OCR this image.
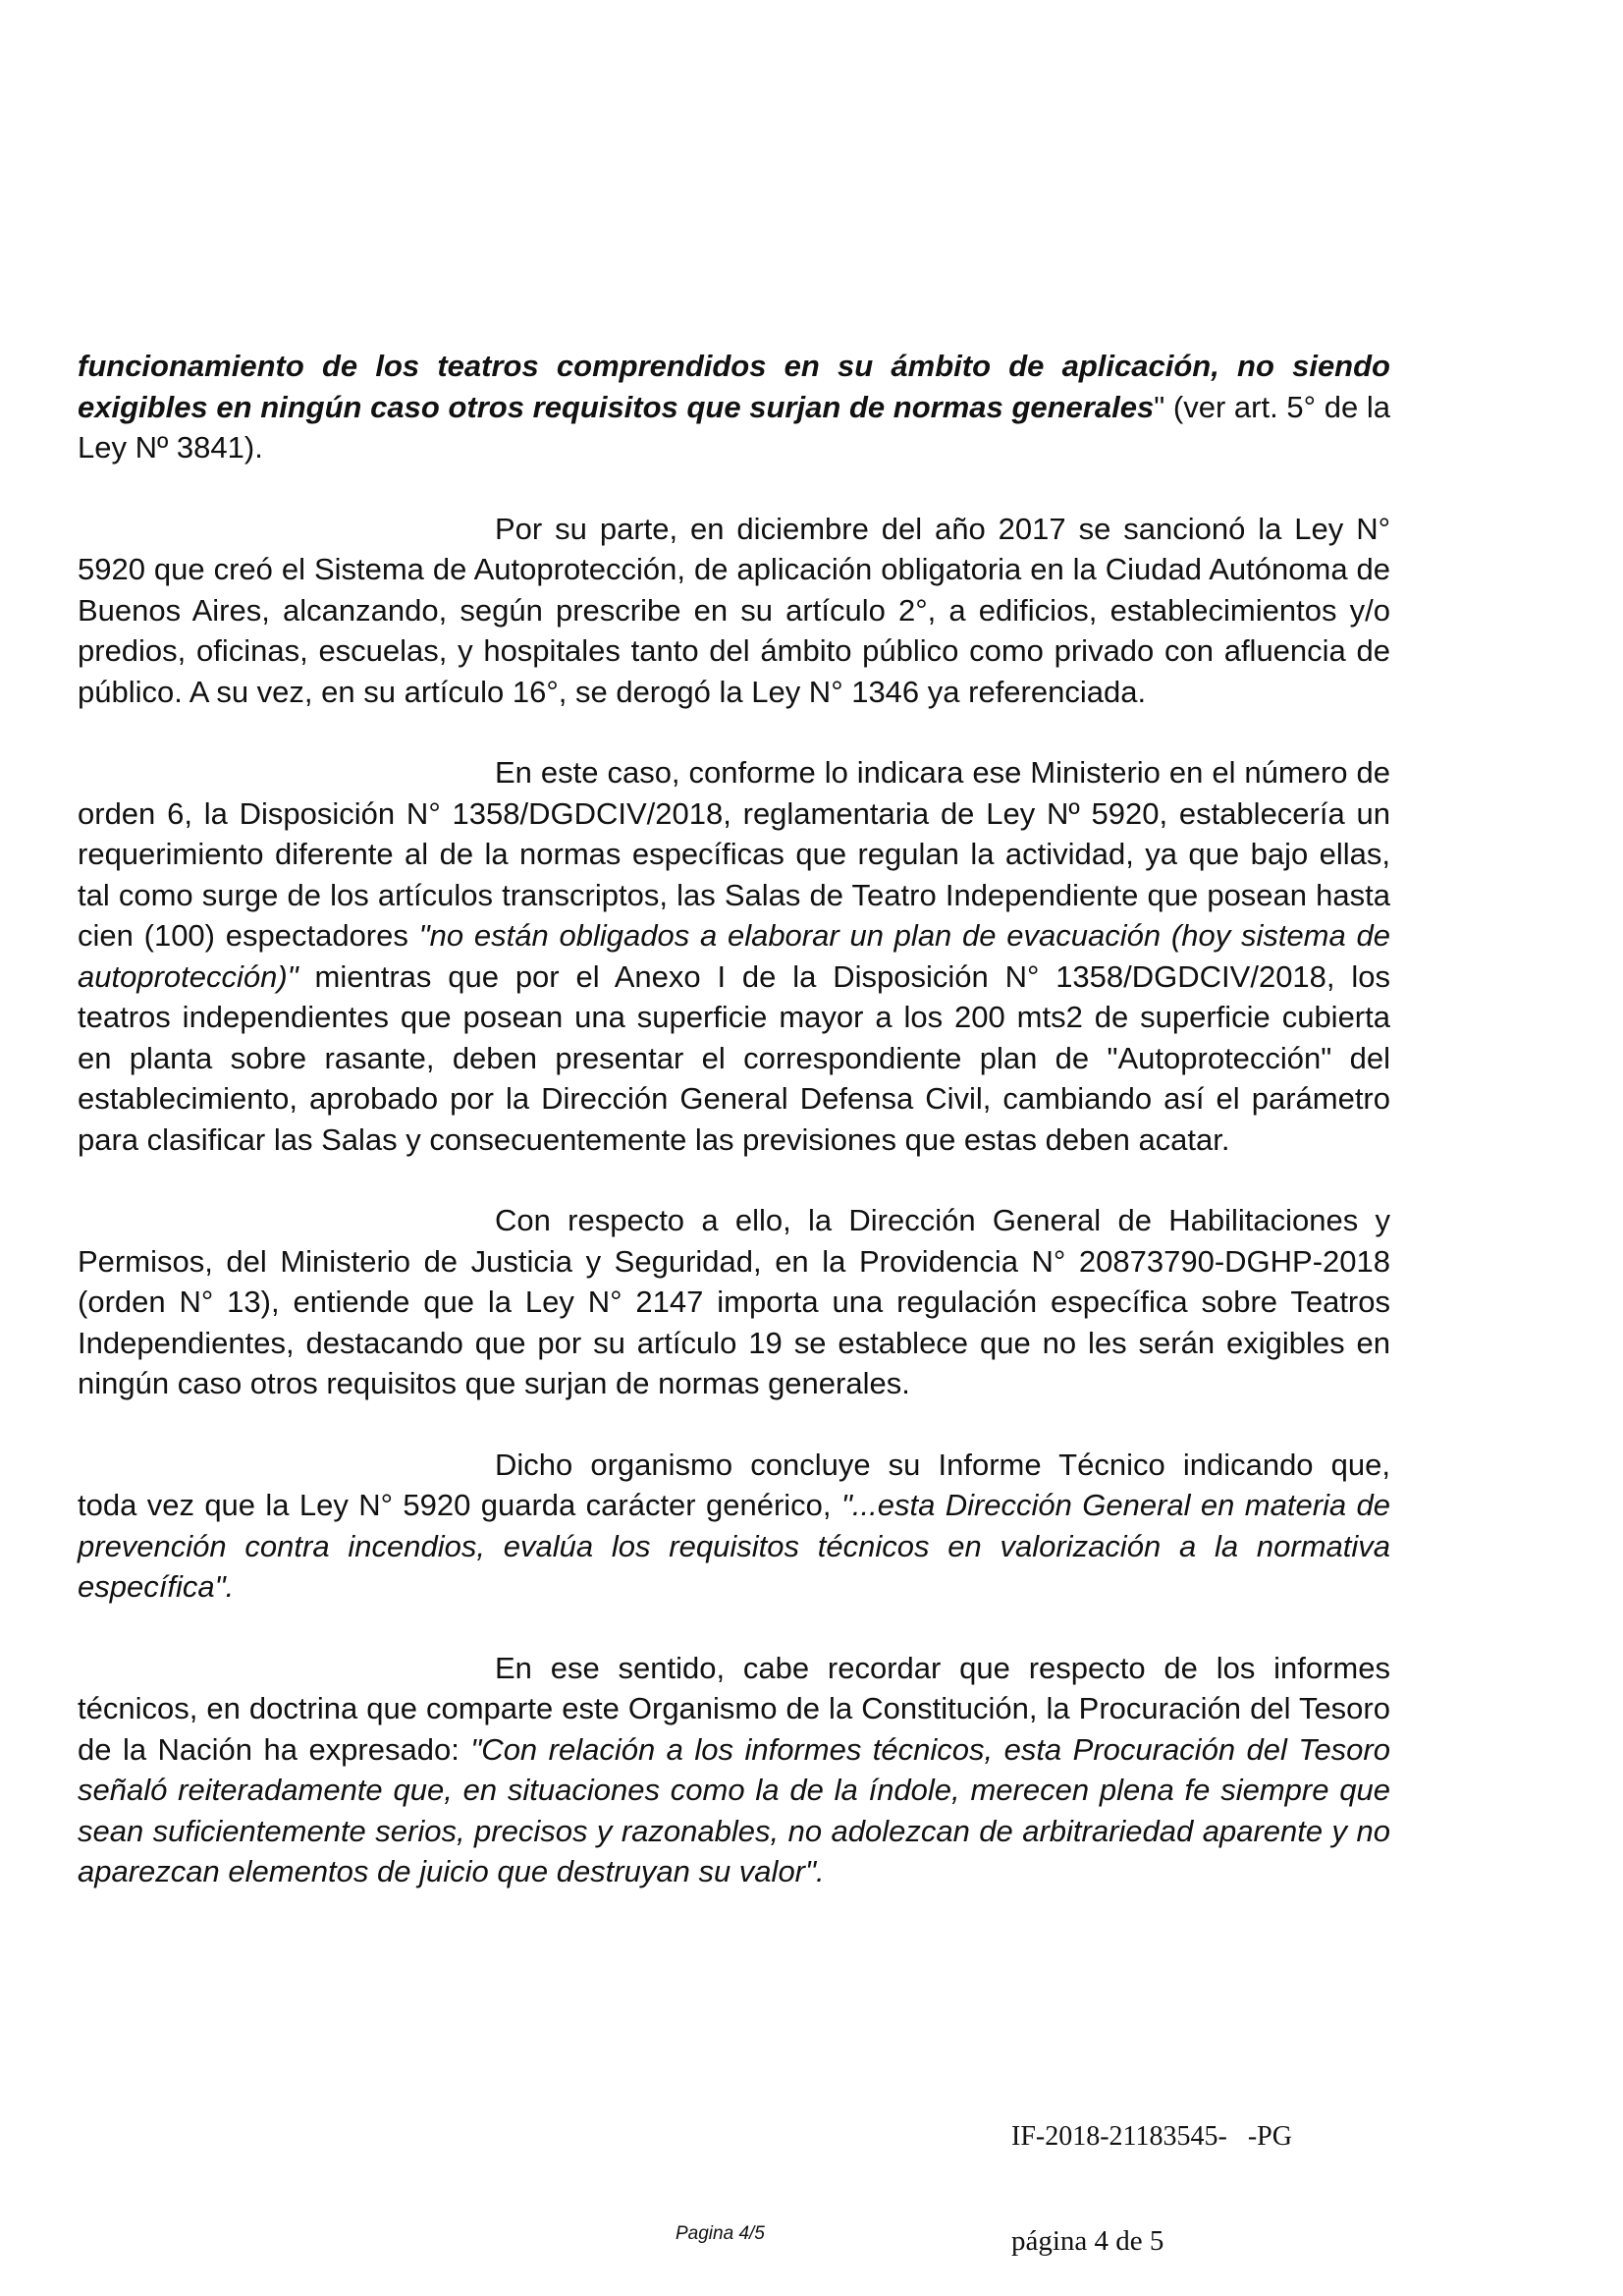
funcionamiento de los teatros comprendidos en su ámbito de aplicación, no siendo exigibles en ningún caso otros requisitos que surjan de normas generales" (ver art. 5° de la Ley Nº 3841).

Por su parte, en diciembre del año 2017 se sancionó la Ley N° 5920 que creó el Sistema de Autoprotección, de aplicación obligatoria en la Ciudad Autónoma de Buenos Aires, alcanzando, según prescribe en su artículo 2°, a edificios, establecimientos y/o predios, oficinas, escuelas, y hospitales tanto del ámbito público como privado con afluencia de público. A su vez, en su artículo 16°, se derogó la Ley N° 1346 ya referenciada.

En este caso, conforme lo indicara ese Ministerio en el número de orden 6, la Disposición N° 1358/DGDCIV/2018, reglamentaria de Ley Nº 5920, establecería un requerimiento diferente al de la normas específicas que regulan la actividad, ya que bajo ellas, tal como surge de los artículos transcriptos, las Salas de Teatro Independiente que posean hasta cien (100) espectadores "no están obligados a elaborar un plan de evacuación (hoy sistema de autoprotección)" mientras que por el Anexo I de la Disposición N° 1358/DGDCIV/2018, los teatros independientes que posean una superficie mayor a los 200 mts2 de superficie cubierta en planta sobre rasante, deben presentar el correspondiente plan de "Autoprotección" del establecimiento, aprobado por la Dirección General Defensa Civil, cambiando así el parámetro para clasificar las Salas y consecuentemente las previsiones que estas deben acatar.

Con respecto a ello, la Dirección General de Habilitaciones y Permisos, del Ministerio de Justicia y Seguridad, en la Providencia N° 20873790-DGHP-2018 (orden N° 13), entiende que la Ley N° 2147 importa una regulación específica sobre Teatros Independientes, destacando que por su artículo 19 se establece que no les serán exigibles en ningún caso otros requisitos que surjan de normas generales.

Dicho organismo concluye su Informe Técnico indicando que, toda vez que la Ley N° 5920 guarda carácter genérico, "...esta Dirección General en materia de prevención contra incendios, evalúa los requisitos técnicos en valorización a la normativa específica".

En ese sentido, cabe recordar que respecto de los informes técnicos, en doctrina que comparte este Organismo de la Constitución, la Procuración del Tesoro de la Nación ha expresado: "Con relación a los informes técnicos, esta Procuración del Tesoro señaló reiteradamente que, en situaciones como la de la índole, merecen plena fe siempre que sean suficientemente serios, precisos y razonables, no adolezcan de arbitrariedad aparente y no aparezcan elementos de juicio que destruyan su valor".

IF-2018-21183545-   -PG
Pagina 4/5	página 4 de 5
